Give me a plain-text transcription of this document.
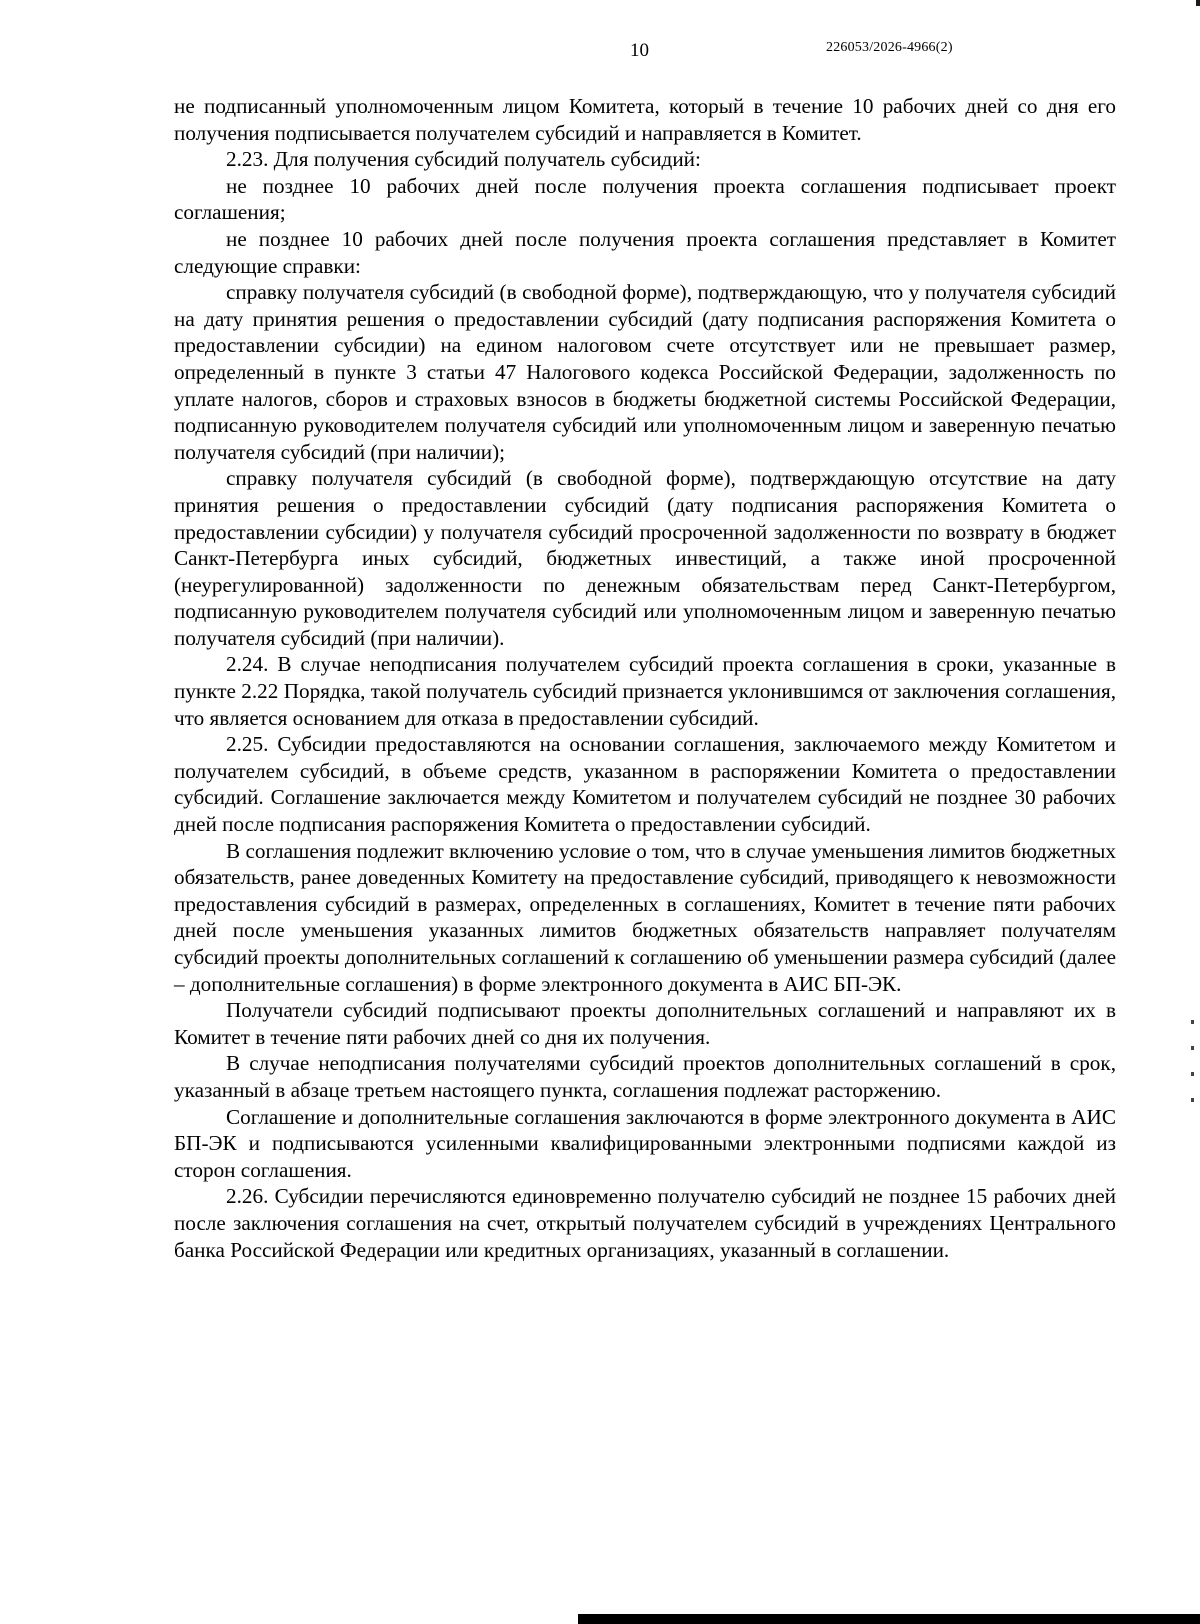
10	226053/2026-4966(2)

не подписанный уполномоченным лицом Комитета, который в течение 10 рабочих дней со дня его получения подписывается получателем субсидий и направляется в Комитет.

2.23. Для получения субсидий получатель субсидий:

не позднее 10 рабочих дней после получения проекта соглашения подписывает проект соглашения;

не позднее 10 рабочих дней после получения проекта соглашения представляет в Комитет следующие справки:

справку получателя субсидий (в свободной форме), подтверждающую, что у получателя субсидий на дату принятия решения о предоставлении субсидий (дату подписания распоряжения Комитета о предоставлении субсидии) на едином налоговом счете отсутствует или не превышает размер, определенный в пункте 3 статьи 47 Налогового кодекса Российской Федерации, задолженность по уплате налогов, сборов и страховых взносов в бюджеты бюджетной системы Российской Федерации, подписанную руководителем получателя субсидий или уполномоченным лицом и заверенную печатью получателя субсидий (при наличии);

справку получателя субсидий (в свободной форме), подтверждающую отсутствие на дату принятия решения о предоставлении субсидий (дату подписания распоряжения Комитета о предоставлении субсидии) у получателя субсидий просроченной задолженности по возврату в бюджет Санкт-Петербурга иных субсидий, бюджетных инвестиций, а также иной просроченной (неурегулированной) задолженности по денежным обязательствам перед Санкт-Петербургом, подписанную руководителем получателя субсидий или уполномоченным лицом и заверенную печатью получателя субсидий (при наличии).

2.24. В случае неподписания получателем субсидий проекта соглашения в сроки, указанные в пункте 2.22 Порядка, такой получатель субсидий признается уклонившимся от заключения соглашения, что является основанием для отказа в предоставлении субсидий.

2.25. Субсидии предоставляются на основании соглашения, заключаемого между Комитетом и получателем субсидий, в объеме средств, указанном в распоряжении Комитета о предоставлении субсидий. Соглашение заключается между Комитетом и получателем субсидий не позднее 30 рабочих дней после подписания распоряжения Комитета о предоставлении субсидий.

В соглашения подлежит включению условие о том, что в случае уменьшения лимитов бюджетных обязательств, ранее доведенных Комитету на предоставление субсидий, приводящего к невозможности предоставления субсидий в размерах, определенных в соглашениях, Комитет в течение пяти рабочих дней после уменьшения указанных лимитов бюджетных обязательств направляет получателям субсидий проекты дополнительных соглашений к соглашению об уменьшении размера субсидий (далее – дополнительные соглашения) в форме электронного документа в АИС БП-ЭК.

Получатели субсидий подписывают проекты дополнительных соглашений и направляют их в Комитет в течение пяти рабочих дней со дня их получения.

В случае неподписания получателями субсидий проектов дополнительных соглашений в срок, указанный в абзаце третьем настоящего пункта, соглашения подлежат расторжению.

Соглашение и дополнительные соглашения заключаются в форме электронного документа в АИС БП-ЭК и подписываются усиленными квалифицированными электронными подписями каждой из сторон соглашения.

2.26. Субсидии перечисляются единовременно получателю субсидий не позднее 15 рабочих дней после заключения соглашения на счет, открытый получателем субсидий в учреждениях Центрального банка Российской Федерации или кредитных организациях, указанный в соглашении.
